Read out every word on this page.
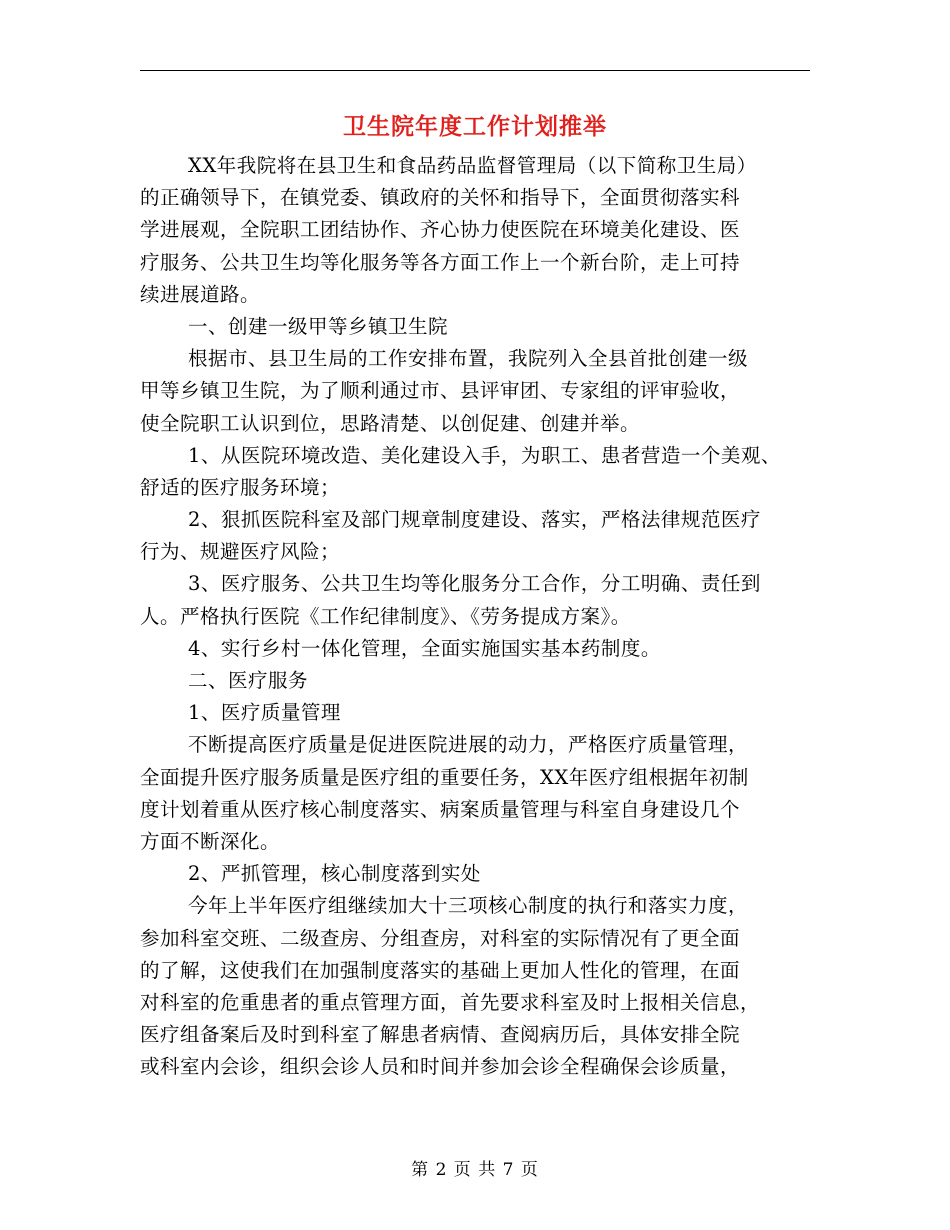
卫生院年度工作计划推举
XX年我院将在县卫生和食品药品监督管理局（以下简称卫生局）
的正确领导下，在镇党委、镇政府的关怀和指导下，全面贯彻落实科
学进展观，全院职工团结协作、齐心协力使医院在环境美化建设、医
疗服务、公共卫生均等化服务等各方面工作上一个新台阶，走上可持
续进展道路。
一、创建一级甲等乡镇卫生院
根据市、县卫生局的工作安排布置，我院列入全县首批创建一级
甲等乡镇卫生院，为了顺利通过市、县评审团、专家组的评审验收，
使全院职工认识到位，思路清楚、以创促建、创建并举。
1、从医院环境改造、美化建设入手，为职工、患者营造一个美观、
舒适的医疗服务环境；
2、狠抓医院科室及部门规章制度建设、落实，严格法律规范医疗
行为、规避医疗风险；
3、医疗服务、公共卫生均等化服务分工合作，分工明确、责任到
人。严格执行医院《工作纪律制度》、《劳务提成方案》。
4、实行乡村一体化管理，全面实施国实基本药制度。
二、医疗服务
1、医疗质量管理
不断提高医疗质量是促进医院进展的动力，严格医疗质量管理，
全面提升医疗服务质量是医疗组的重要任务，XX年医疗组根据年初制
度计划着重从医疗核心制度落实、病案质量管理与科室自身建设几个
方面不断深化。
2、严抓管理，核心制度落到实处
今年上半年医疗组继续加大十三项核心制度的执行和落实力度，
参加科室交班、二级查房、分组查房，对科室的实际情况有了更全面
的了解，这使我们在加强制度落实的基础上更加人性化的管理，在面
对科室的危重患者的重点管理方面，首先要求科室及时上报相关信息，
医疗组备案后及时到科室了解患者病情、查阅病历后，具体安排全院
或科室内会诊，组织会诊人员和时间并参加会诊全程确保会诊质量，
第 2 页 共 7 页
